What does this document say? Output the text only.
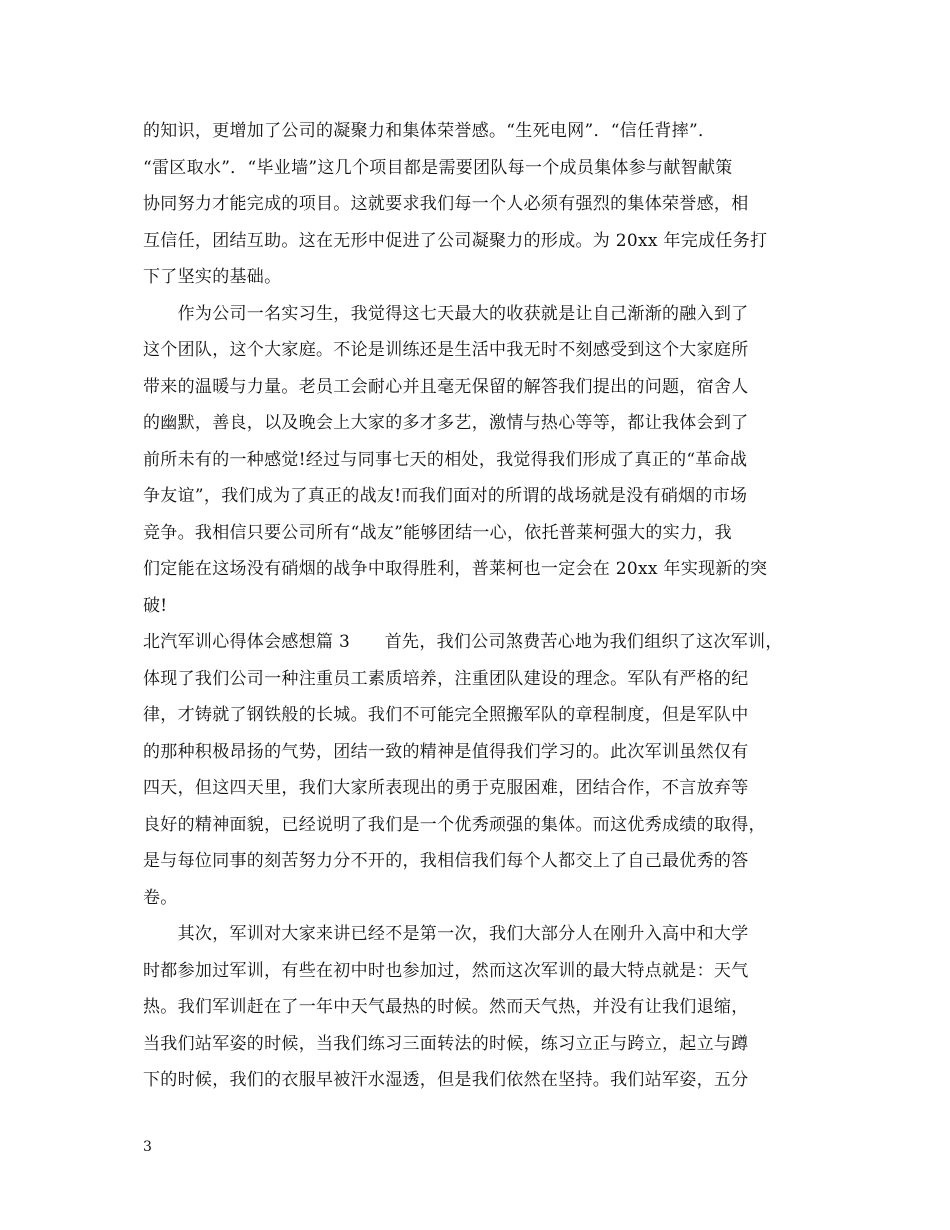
的知识，更增加了公司的凝聚力和集体荣誉感。“生死电网”．“信任背摔”．
“雷区取水”．“毕业墙”这几个项目都是需要团队每一个成员集体参与献智献策
协同努力才能完成的项目。这就要求我们每一个人必须有强烈的集体荣誉感，相
互信任，团结互助。这在无形中促进了公司凝聚力的形成。为 20xx 年完成任务打
下了坚实的基础。
　　作为公司一名实习生，我觉得这七天最大的收获就是让自己渐渐的融入到了
这个团队，这个大家庭。不论是训练还是生活中我无时不刻感受到这个大家庭所
带来的温暖与力量。老员工会耐心并且毫无保留的解答我们提出的问题，宿舍人
的幽默，善良，以及晚会上大家的多才多艺，激情与热心等等，都让我体会到了
前所未有的一种感觉!经过与同事七天的相处，我觉得我们形成了真正的“革命战
争友谊”，我们成为了真正的战友!而我们面对的所谓的战场就是没有硝烟的市场
竞争。我相信只要公司所有“战友”能够团结一心，依托普莱柯强大的实力，我
们定能在这场没有硝烟的战争中取得胜利，普莱柯也一定会在 20xx 年实现新的突
破!
北汽军训心得体会感想篇 3　　首先，我们公司煞费苦心地为我们组织了这次军训，
体现了我们公司一种注重员工素质培养，注重团队建设的理念。军队有严格的纪
律，才铸就了钢铁般的长城。我们不可能完全照搬军队的章程制度，但是军队中
的那种积极昂扬的气势，团结一致的精神是值得我们学习的。此次军训虽然仅有
四天，但这四天里，我们大家所表现出的勇于克服困难，团结合作，不言放弃等
良好的精神面貌，已经说明了我们是一个优秀顽强的集体。而这优秀成绩的取得，
是与每位同事的刻苦努力分不开的，我相信我们每个人都交上了自己最优秀的答
卷。
　　其次，军训对大家来讲已经不是第一次，我们大部分人在刚升入高中和大学
时都参加过军训，有些在初中时也参加过，然而这次军训的最大特点就是：天气
热。我们军训赶在了一年中天气最热的时候。然而天气热，并没有让我们退缩，
当我们站军姿的时候，当我们练习三面转法的时候，练习立正与跨立，起立与蹲
下的时候，我们的衣服早被汗水湿透，但是我们依然在坚持。我们站军姿，五分
3
